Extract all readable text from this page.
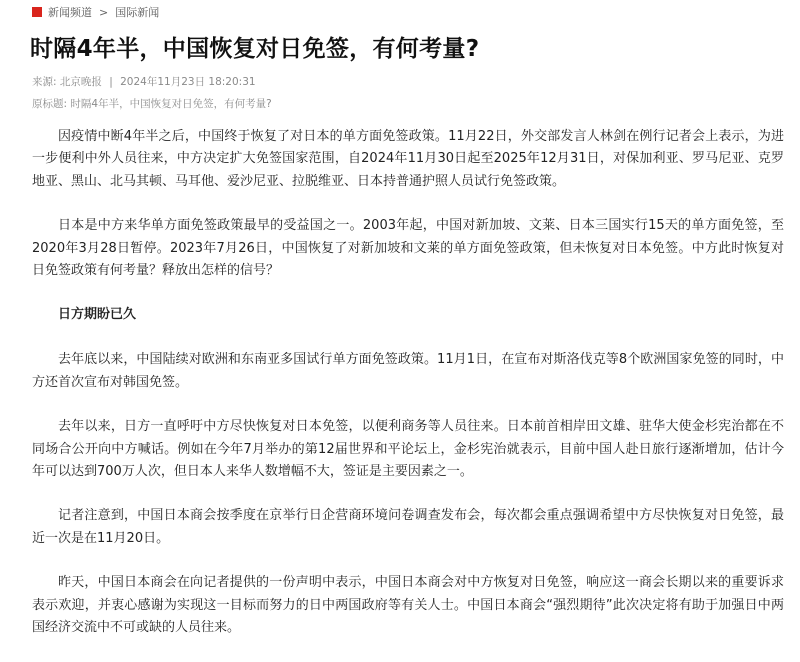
新闻频道 > 国际新闻
时隔4年半，中国恢复对日免签，有何考量?
来源: 北京晚报 | 2024年11月23日 18:20:31
原标题: 时隔4年半，中国恢复对日免签，有何考量?

因疫情中断4年半之后，中国终于恢复了对日本的单方面免签政策。11月22日，外交部发言人林剑在例行记者会上表示，为进一步便利中外人员往来，中方决定扩大免签国家范围，自2024年11月30日起至2025年12月31日，对保加利亚、罗马尼亚、克罗地亚、黑山、北马其顿、马耳他、爱沙尼亚、拉脱维亚、日本持普通护照人员试行免签政策。

日本是中方来华单方面免签政策最早的受益国之一。2003年起，中国对新加坡、文莱、日本三国实行15天的单方面免签，至2020年3月28日暂停。2023年7月26日，中国恢复了对新加坡和文莱的单方面免签政策，但未恢复对日本免签。中方此时恢复对日免签政策有何考量？释放出怎样的信号？

日方期盼已久

去年底以来，中国陆续对欧洲和东南亚多国试行单方面免签政策。11月1日，在宣布对斯洛伐克等8个欧洲国家免签的同时，中方还首次宣布对韩国免签。

去年以来，日方一直呼吁中方尽快恢复对日本免签，以便利商务等人员往来。日本前首相岸田文雄、驻华大使金杉宪治都在不同场合公开向中方喊话。例如在今年7月举办的第12届世界和平论坛上，金杉宪治就表示，目前中国人赴日旅行逐渐增加，估计今年可以达到700万人次，但日本人来华人数增幅不大，签证是主要因素之一。

记者注意到，中国日本商会按季度在京举行日企营商环境问卷调查发布会，每次都会重点强调希望中方尽快恢复对日免签，最近一次是在11月20日。

昨天，中国日本商会在向记者提供的一份声明中表示，中国日本商会对中方恢复对日免签，响应这一商会长期以来的重要诉求表示欢迎，并衷心感谢为实现这一目标而努力的日中两国政府等有关人士。中国日本商会“强烈期待”此次决定将有助于加强日中两国经济交流中不可或缺的人员往来。
